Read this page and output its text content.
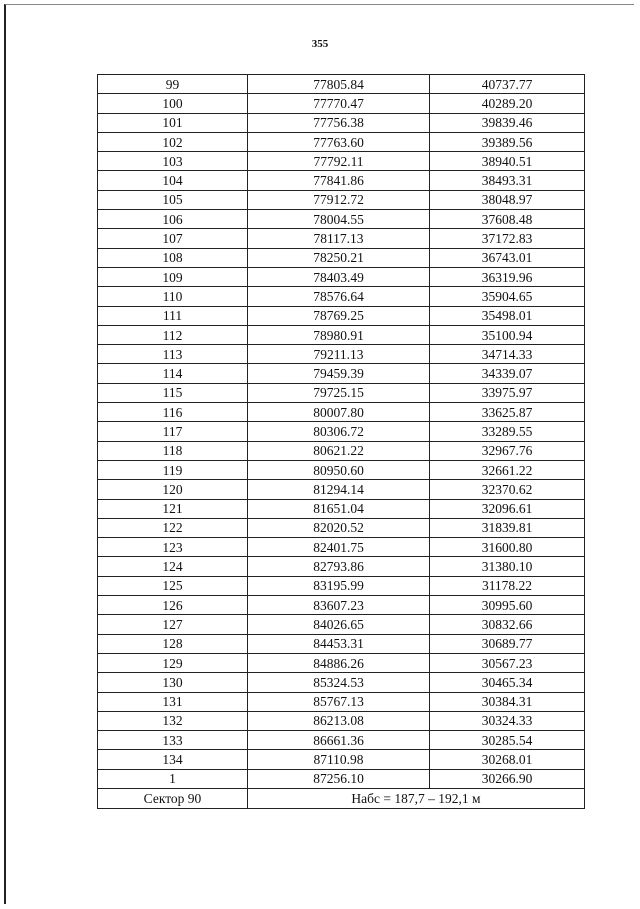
355
99	77805.84	40737.77
100	77770.47	40289.20
101	77756.38	39839.46
102	77763.60	39389.56
103	77792.11	38940.51
104	77841.86	38493.31
105	77912.72	38048.97
106	78004.55	37608.48
107	78117.13	37172.83
108	78250.21	36743.01
109	78403.49	36319.96
110	78576.64	35904.65
111	78769.25	35498.01
112	78980.91	35100.94
113	79211.13	34714.33
114	79459.39	34339.07
115	79725.15	33975.97
116	80007.80	33625.87
117	80306.72	33289.55
118	80621.22	32967.76
119	80950.60	32661.22
120	81294.14	32370.62
121	81651.04	32096.61
122	82020.52	31839.81
123	82401.75	31600.80
124	82793.86	31380.10
125	83195.99	31178.22
126	83607.23	30995.60
127	84026.65	30832.66
128	84453.31	30689.77
129	84886.26	30567.23
130	85324.53	30465.34
131	85767.13	30384.31
132	86213.08	30324.33
133	86661.36	30285.54
134	87110.98	30268.01
1	87256.10	30266.90
Сектор 90	Набс = 187,7 – 192,1 м	
